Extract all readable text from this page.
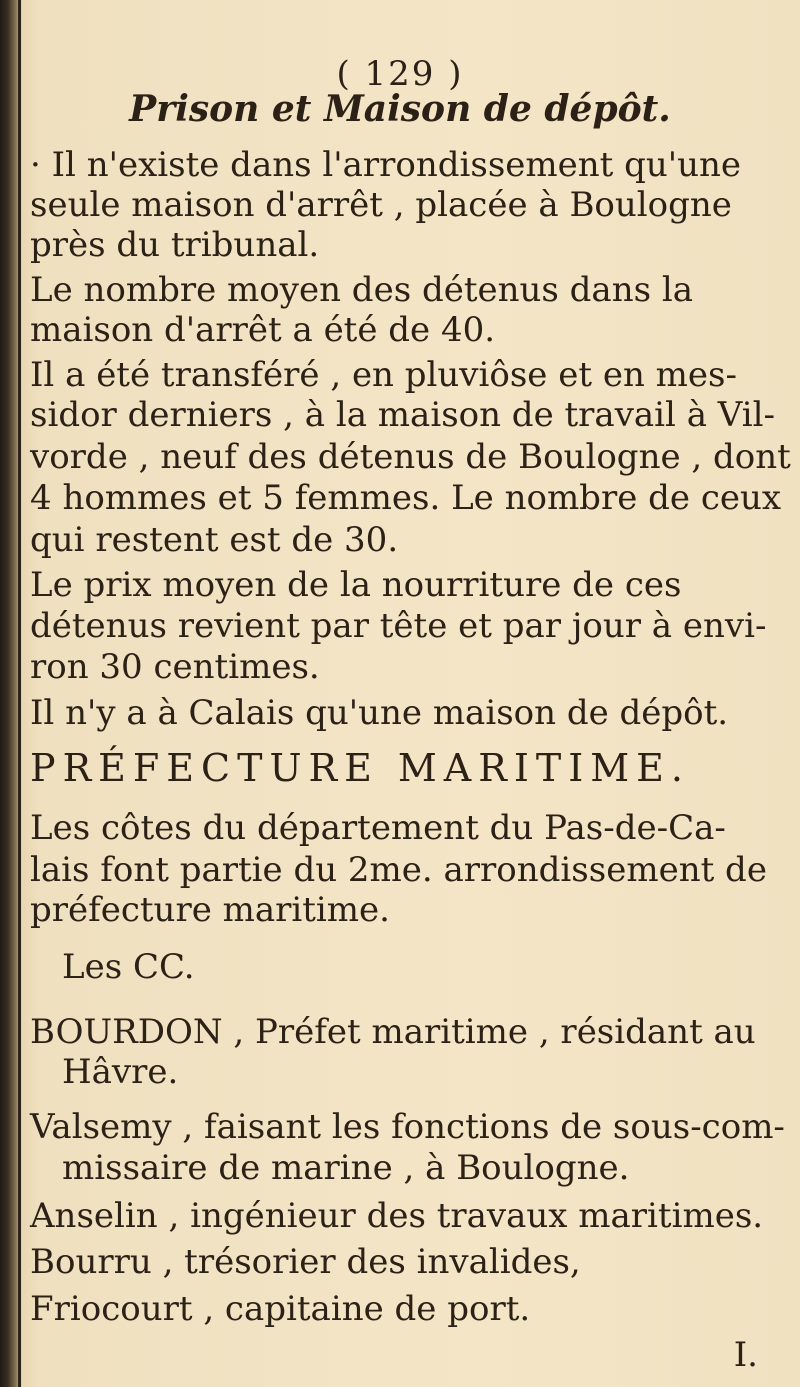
( 129 )
Prison et Maison de dépôt.
· Il n'existe dans l'arrondissement qu'une
seule maison d'arrêt , placée à Boulogne
près du tribunal.
Le nombre moyen des détenus dans la
maison d'arrêt a été de 40.
Il a été transféré , en pluviôse et en mes-
sidor derniers , à la maison de travail à Vil-
vorde , neuf des détenus de Boulogne , dont
4 hommes et 5 femmes. Le nombre de ceux
qui restent est de 30.
Le prix moyen de la nourriture de ces
détenus revient par tête et par jour à envi-
ron 30 centimes.
Il n'y a à Calais qu'une maison de dépôt.
PRÉFECTURE MARITIME.
Les côtes du département du Pas-de-Ca-
lais font partie du 2me. arrondissement de
préfecture maritime.
Les CC.
BOURDON , Préfet maritime , résidant au
Hâvre.
Valsemy , faisant les fonctions de sous-com-
missaire de marine , à Boulogne.
Anselin , ingénieur des travaux maritimes.
Bourru , trésorier des invalides,
Friocourt , capitaine de port.
I.
